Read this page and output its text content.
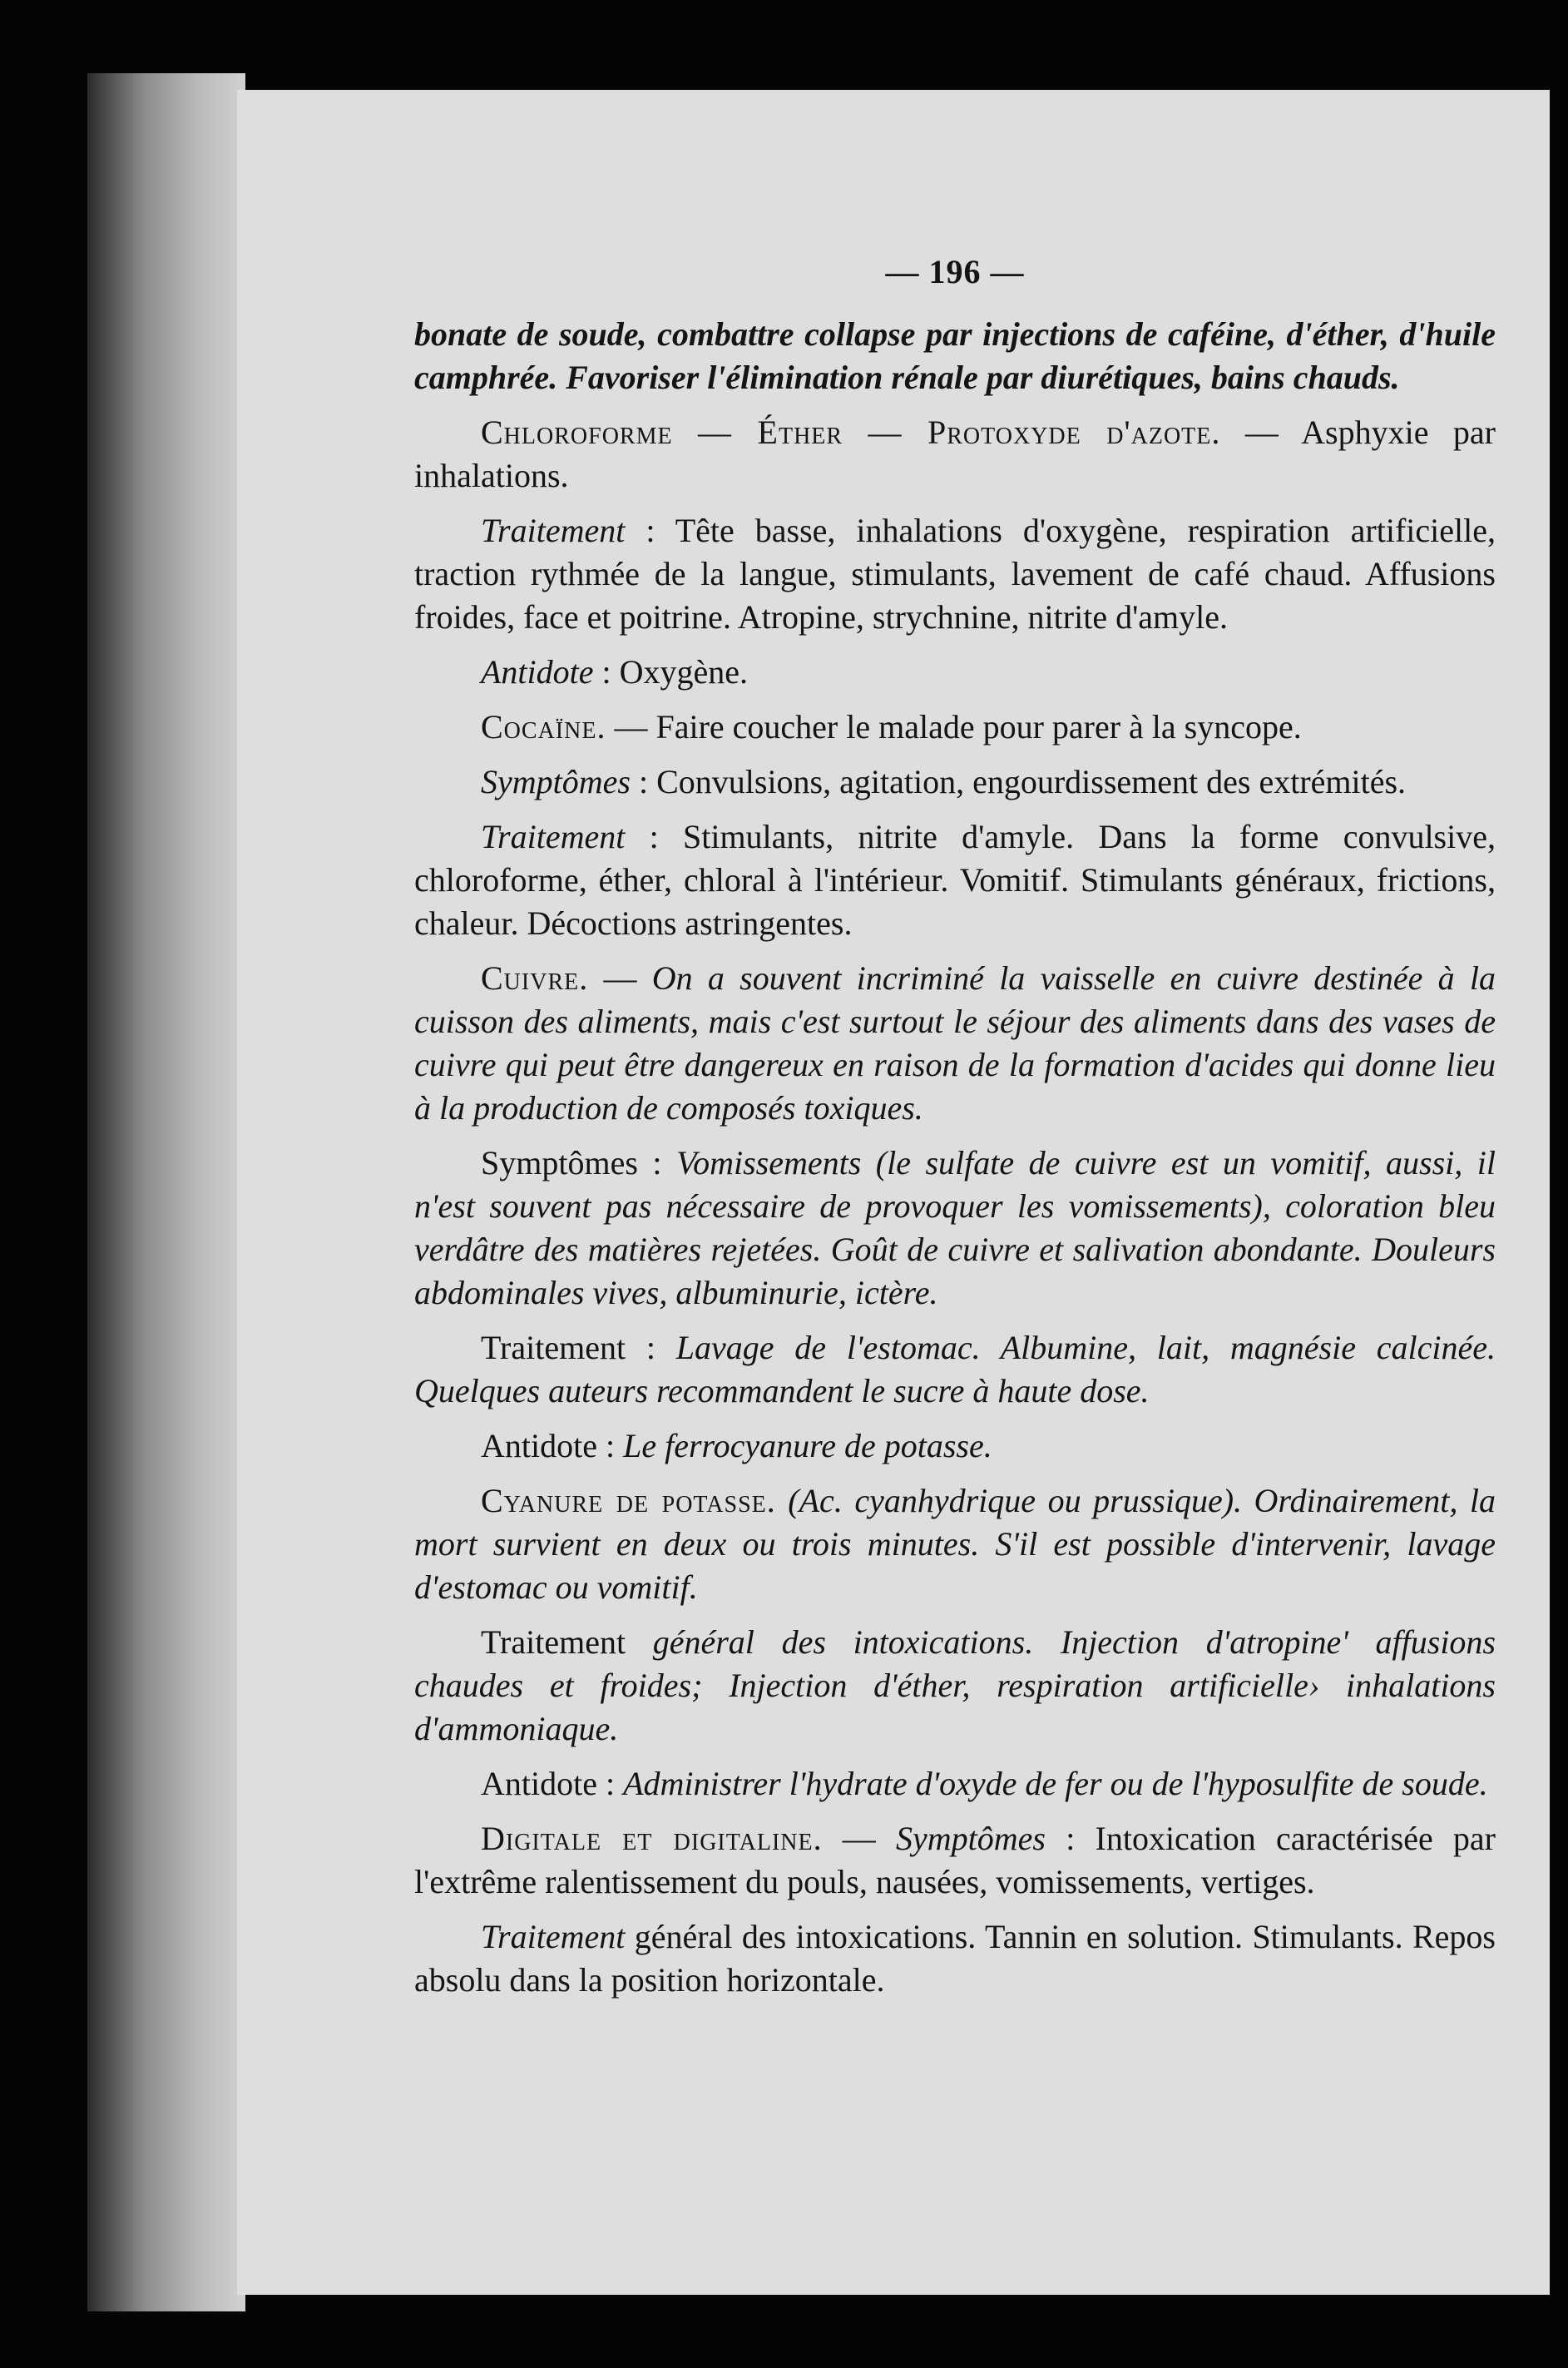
— 196 —

bonate de soude, combattre collapse par injections de caféine, d'éther, d'huile camphrée. Favoriser l'élimination rénale par diurétiques, bains chauds.

Chloroforme — Éther — Protoxyde d'azote. — Asphyxie par inhalations.

Traitement : Tête basse, inhalations d'oxygène, respiration artificielle, traction rythmée de la langue, stimulants, lavement de café chaud. Affusions froides, face et poitrine. Atropine, strychnine, nitrite d'amyle.

Antidote : Oxygène.

Cocaïne. — Faire coucher le malade pour parer à la syncope.

Symptômes : Convulsions, agitation, engourdissement des extrémités.

Traitement : Stimulants, nitrite d'amyle. Dans la forme convulsive, chloroforme, éther, chloral à l'intérieur. Vomitif. Stimulants généraux, frictions, chaleur. Décoctions astringentes.

Cuivre. — On a souvent incriminé la vaisselle en cuivre destinée à la cuisson des aliments, mais c'est surtout le séjour des aliments dans des vases de cuivre qui peut être dangereux en raison de la formation d'acides qui donne lieu à la production de composés toxiques.

Symptômes : Vomissements (le sulfate de cuivre est un vomitif, aussi, il n'est souvent pas nécessaire de provoquer les vomissements), coloration bleu verdâtre des matières rejetées. Goût de cuivre et salivation abondante. Douleurs abdominales vives, albuminurie, ictère.

Traitement : Lavage de l'estomac. Albumine, lait, magnésie calcinée. Quelques auteurs recommandent le sucre à haute dose.

Antidote : Le ferrocyanure de potasse.

Cyanure de potasse. (Ac. cyanhydrique ou prussique). Ordinairement, la mort survient en deux ou trois minutes. S'il est possible d'intervenir, lavage d'estomac ou vomitif.

Traitement général des intoxications. Injection d'atropine' affusions chaudes et froides; Injection d'éther, respiration artificielle› inhalations d'ammoniaque.

Antidote : Administrer l'hydrate d'oxyde de fer ou de l'hyposulfite de soude.

Digitale et digitaline. — Symptômes : Intoxication caractérisée par l'extrême ralentissement du pouls, nausées, vomissements, vertiges.

Traitement général des intoxications. Tannin en solution. Stimulants. Repos absolu dans la position horizontale.
